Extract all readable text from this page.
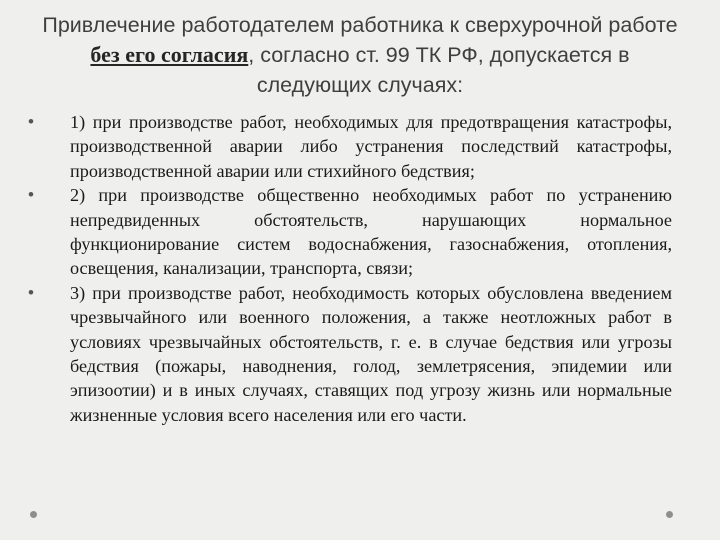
Привлечение работодателем работника к сверхурочной работе без его согласия, согласно ст. 99 ТК РФ, допускается в следующих случаях:
• 1) при производстве работ, необходимых для предотвращения катастрофы, производственной аварии либо устранения последствий катастрофы, производственной аварии или стихийного бедствия;
• 2) при производстве общественно необходимых работ по устранению непредвиденных обстоятельств, нарушающих нормальное функционирование систем водоснабжения, газоснабжения, отопления, освещения, канализации, транспорта, связи;
• 3) при производстве работ, необходимость которых обусловлена введением чрезвычайного или военного положения, а также неотложных работ в условиях чрезвычайных обстоятельств, г. е. в случае бедствия или угрозы бедствия (пожары, наводнения, голод, землетрясения, эпидемии или эпизоотии) и в иных случаях, ставящих под угрозу жизнь или нормальные жизненные условия всего населения или его части.
